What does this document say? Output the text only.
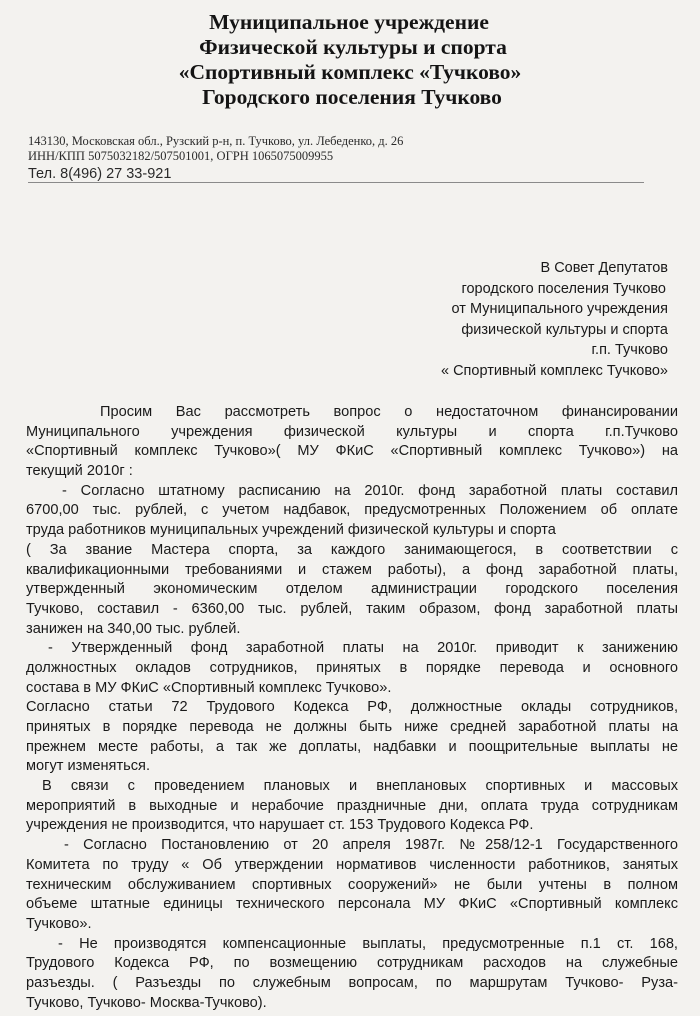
Муниципальное учреждение
Физической культуры и спорта
«Спортивный комплекс «Тучково»
Городского поселения Тучково
143130, Московская обл., Рузский р-н, п. Тучково, ул. Лебеденко, д. 26
ИНН/КПП 5075032182/507501001, ОГРН 1065075009955
Тел. 8(496) 27 33-921
В Совет Депутатов
городского поселения Тучково
от Муниципального учреждения
физической культуры и спорта
г.п. Тучково
« Спортивный комплекс Тучково»
Просим Вас рассмотреть вопрос о недостаточном финансировании
Муниципального учреждения физической культуры и спорта г.п.Тучково
«Спортивный комплекс Тучково»( МУ ФКиС «Спортивный комплекс Тучково») на
текущий 2010г :
- Согласно штатному расписанию на 2010г. фонд заработной платы составил
6700,00 тыс. рублей, с учетом надбавок, предусмотренных Положением об оплате
труда работников муниципальных учреждений физической культуры и спорта
( За звание Мастера спорта, за каждого занимающегося, в соответствии с
квалификационными требованиями и стажем работы), а фонд заработной платы,
утвержденный экономическим отделом администрации городского поселения
Тучково, составил - 6360,00 тыс. рублей, таким образом, фонд заработной платы
занижен на 340,00 тыс. рублей.
- Утвержденный фонд заработной платы на 2010г. приводит к занижению
должностных окладов сотрудников, принятых в порядке перевода и основного
состава в МУ ФКиС «Спортивный комплекс Тучково».
Согласно статьи 72 Трудового Кодекса РФ, должностные оклады сотрудников,
принятых в порядке перевода не должны быть ниже средней заработной платы на
прежнем месте работы, а так же доплаты, надбавки и поощрительные выплаты не
могут изменяться.
В связи с проведением плановых и внеплановых спортивных и массовых
мероприятий в выходные и нерабочие праздничные дни, оплата труда сотрудникам
учреждения не производится, что нарушает ст. 153 Трудового Кодекса РФ.
- Согласно Постановлению от 20 апреля 1987г. №258/12-1 Государственного
Комитета по труду « Об утверждении нормативов численности работников, занятых
техническим обслуживанием спортивных сооружений» не были учтены в полном
объеме штатные единицы технического персонала МУ ФКиС «Спортивный комплекс
Тучково».
- Не производятся компенсационные выплаты, предусмотренные п.1 ст. 168,
Трудового Кодекса РФ, по возмещению сотрудникам расходов на служебные
разъезды. ( Разъезды по служебным вопросам, по маршрутам Тучково- Руза-
Тучково, Тучково- Москва-Тучково).
